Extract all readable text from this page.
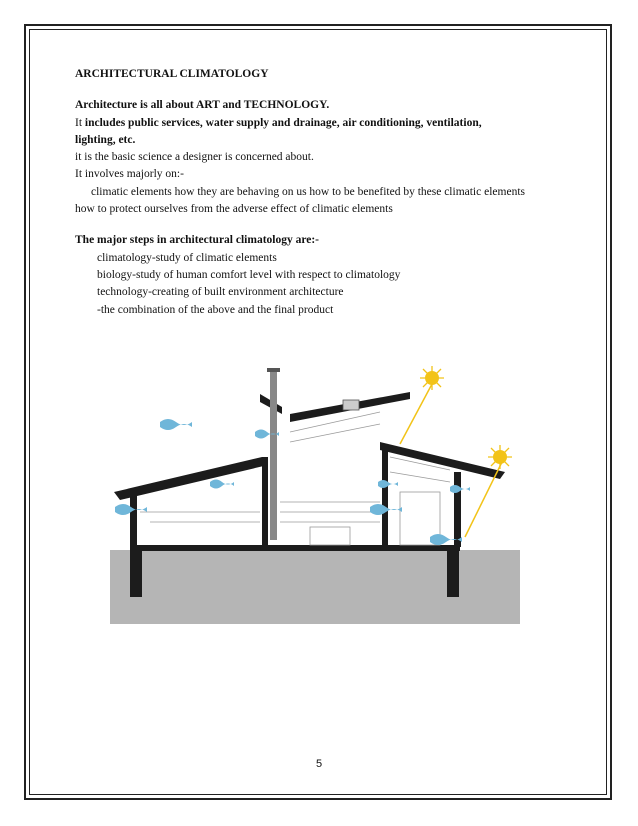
ARCHITECTURAL CLIMATOLOGY

Architecture is all about ART and TECHNOLOGY.

It includes public services, water supply and drainage, air conditioning, ventilation,

lighting, etc.

it is the basic science a designer is concerned about.

It involves majorly on:-

climatic elements how they are behaving on us how to be benefited by these climatic elements

how to protect ourselves from the adverse effect of climatic elements

The major steps in architectural climatology are:-

climatology-study of climatic elements

biology-study of human comfort level with respect to climatology

technology-creating of built environment architecture

-the combination of the above and the final product

5
